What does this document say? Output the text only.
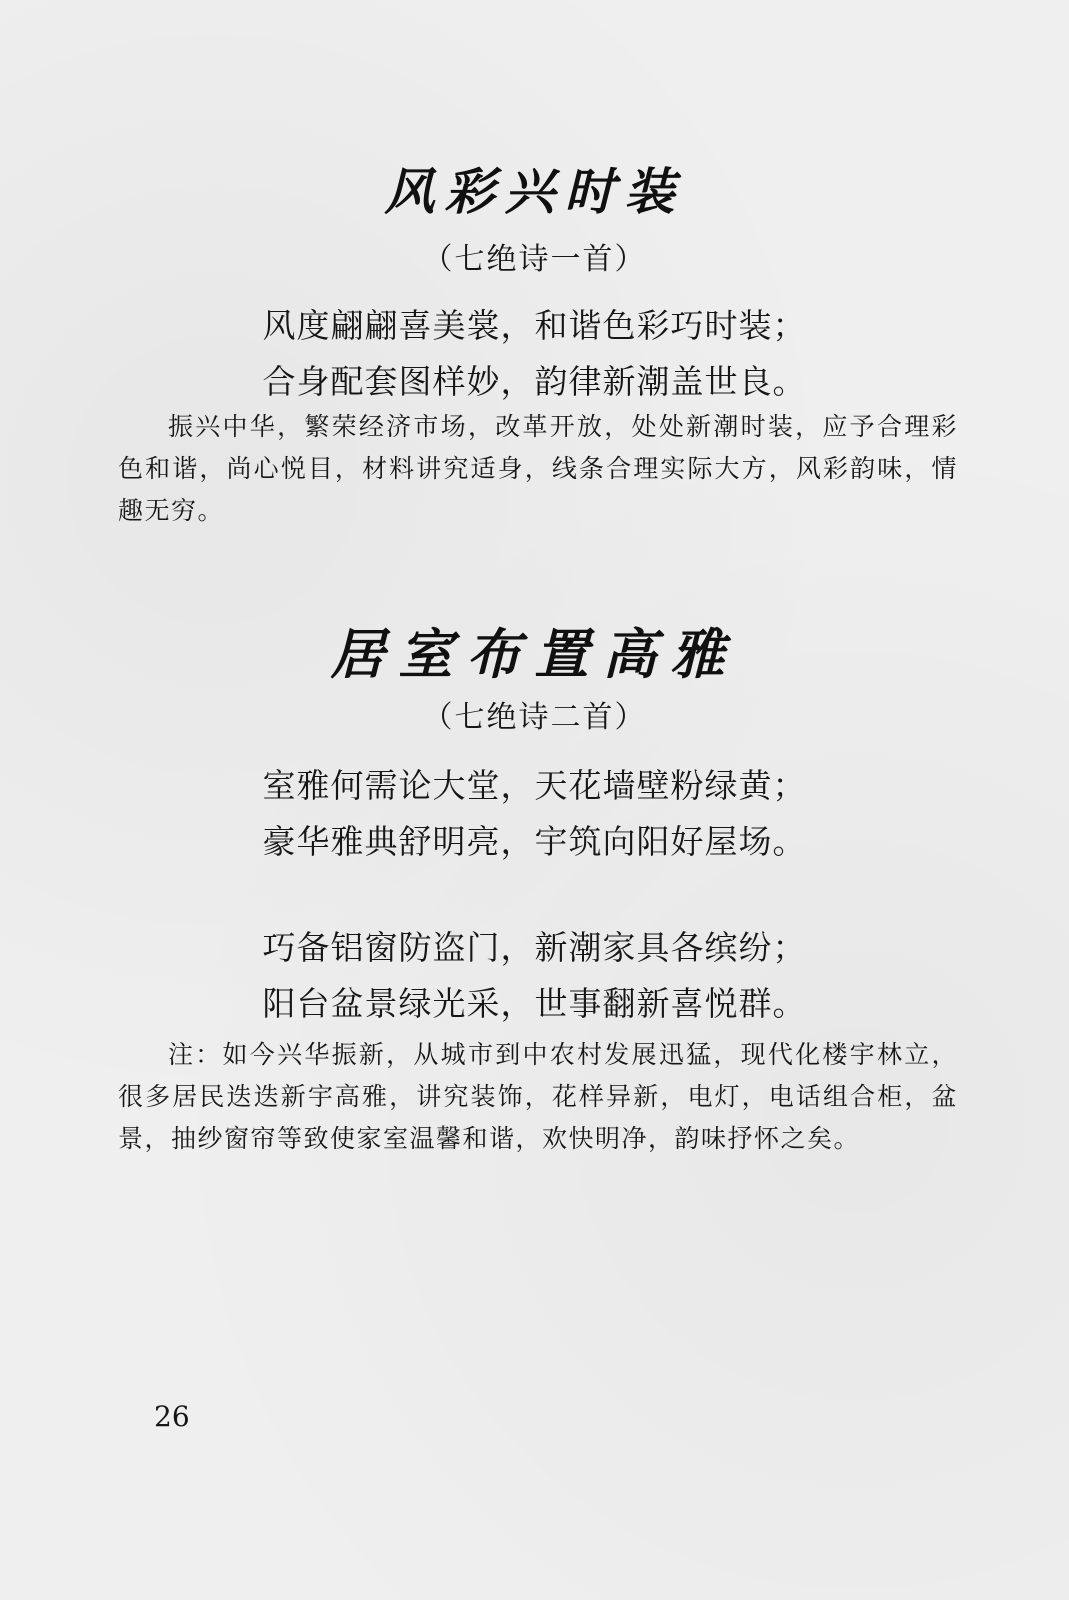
风彩兴时装
（七绝诗一首）
风度翩翩喜美裳，和谐色彩巧时装；
合身配套图样妙，韵律新潮盖世良。
振兴中华，繁荣经济市场，改革开放，处处新潮时装，应予合理彩色和谐，尚心悦目，材料讲究适身，线条合理实际大方，风彩韵味，情趣无穷。
居室布置高雅
（七绝诗二首）
室雅何需论大堂，天花墙壁粉绿黄；
豪华雅典舒明亮，宇筑向阳好屋场。
巧备铝窗防盗门，新潮家具各缤纷；
阳台盆景绿光采，世事翻新喜悦群。
注：如今兴华振新，从城市到中农村发展迅猛，现代化楼宇林立，很多居民迭迭新宇高雅，讲究装饰，花样异新，电灯，电话组合柜，盆景，抽纱窗帘等致使家室温馨和谐，欢快明净，韵味抒怀之矣。
26
